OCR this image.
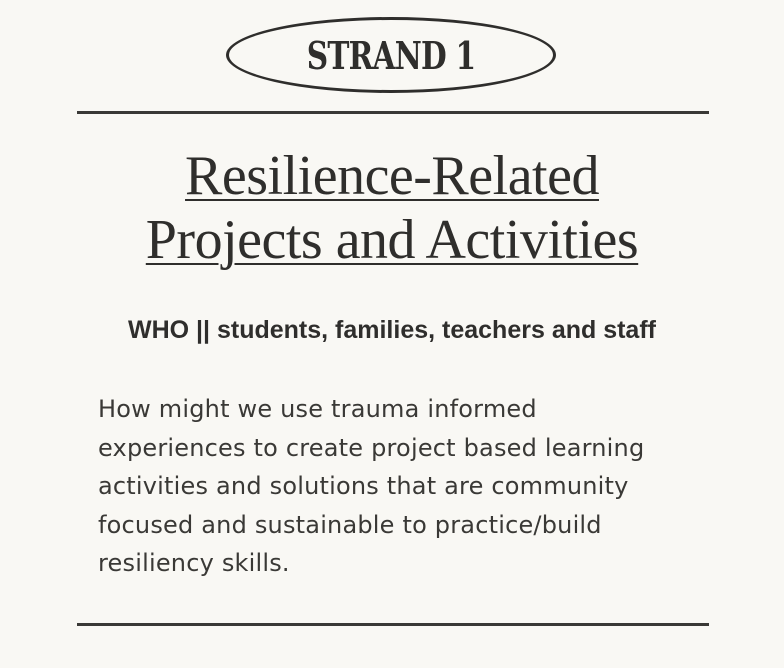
STRAND 1
Resilience-Related
Projects and Activities
WHO || students, families, teachers and staff
How might we use trauma informed
experiences to create project based learning
activities and solutions that are community
focused and sustainable to practice/build
resiliency skills.
